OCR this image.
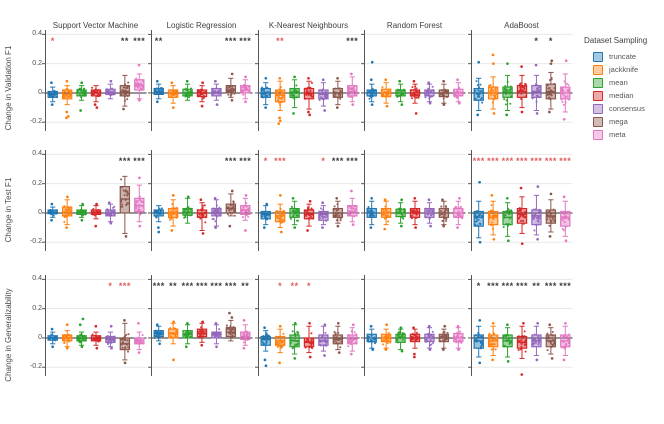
Support Vector Machine	Logistic Regression	K-Nearest Neighbours	Random Forest	AdaBoost
Change in Validation F1
Change in Test F1
Change in Generalizability
0.4
0.2
0
-0.2
0.4
0.2
0
-0.2
0.4
0.2
0
-0.2
*	** *** **	*** ***	**	***	* *
*** ***	*** *** * ***	* *** ***	*** *** *** *** *** *** ***
* *** *** ** *** *** *** *** **	* ** *	* *** *** *** ** *** ***
Dataset Sampling
truncate
jackknife
mean
median
consensus
mega
meta
